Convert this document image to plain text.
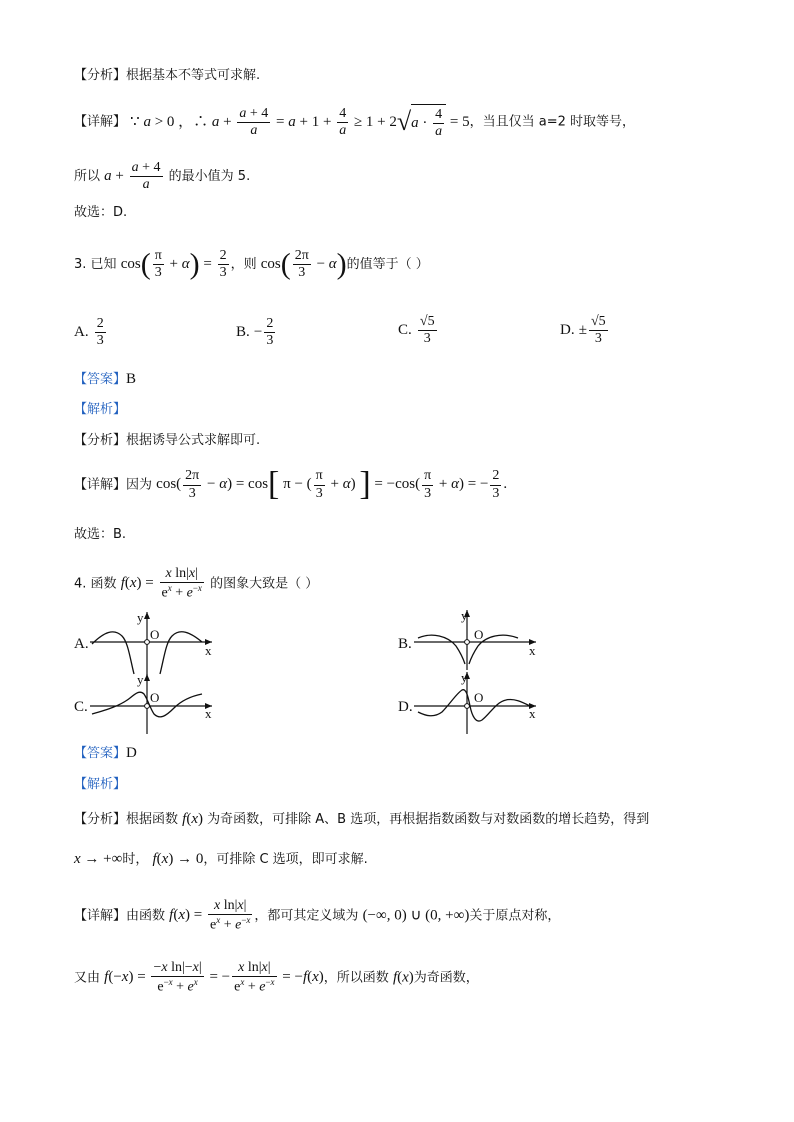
【分析】根据基本不等式可求解.
【详解】 ∵ a > 0 ，∴ $a + \frac{a + 4}{a} = a + 1 + \frac{4}{a} \ge 1 + 2√a \cdot \frac{4}{a} = 5$，当且仅当 a=2 时取等号，
所以 $a + \frac{a + 4}{a}$ 的最小值为 5.
故选：D.
3. 已知 $\cos( \frac{\pi}{3} + \alpha) = \frac{2}{3}$ ，则 $\cos( \frac{2\pi}{3} - \alpha)$的值等于（ ）
A. $\frac{2}{3}$	B. − $\frac{2}{3}$	C. $\frac{√5}{3}$	D. ± $\frac{√5}{3}$
【答案】B
【解析】
【分析】根据诱导公式求解即可.
【详解】因为 $\cos( \frac{2\pi}{3} - \alpha) = \cos$[ π − ( $\frac{\pi}{3} + \alpha$) ] = $-\cos( \frac{\pi}{3} + \alpha)$ = − $\frac{2}{3}$ .
故选：B.
4. 函数 $f(x) = \frac{\text{x ln|x|}}{e^x + e^{-x}}$ 的图象大致是（ ）
A.
y
O
x	B.
y
O
x
C.
y
O
x	D.
y
O
x
【答案】D
【解析】
【分析】根据函数 f(x) 为奇函数，可排除 A、B 选项，再根据指数函数与对数函数的增长趋势，得到
x → +∞时， f(x) → 0，可排除 C 选项，即可求解.
【详解】由函数 $f(x) = \frac{\text{x ln|x|}}{e^x + e^{-x}}$ ，都可其定义域为 (−∞, 0) ∪ (0, +∞)关于原点对称，
又由 $f(-x) = \frac{\text{−x ln|−x|}}{e^{-x} + e^x}$ = − $\frac{\text{x ln|x|}}{e^x + e^{-x}} = -f(x)$，所以函数 f(x)为奇函数，
